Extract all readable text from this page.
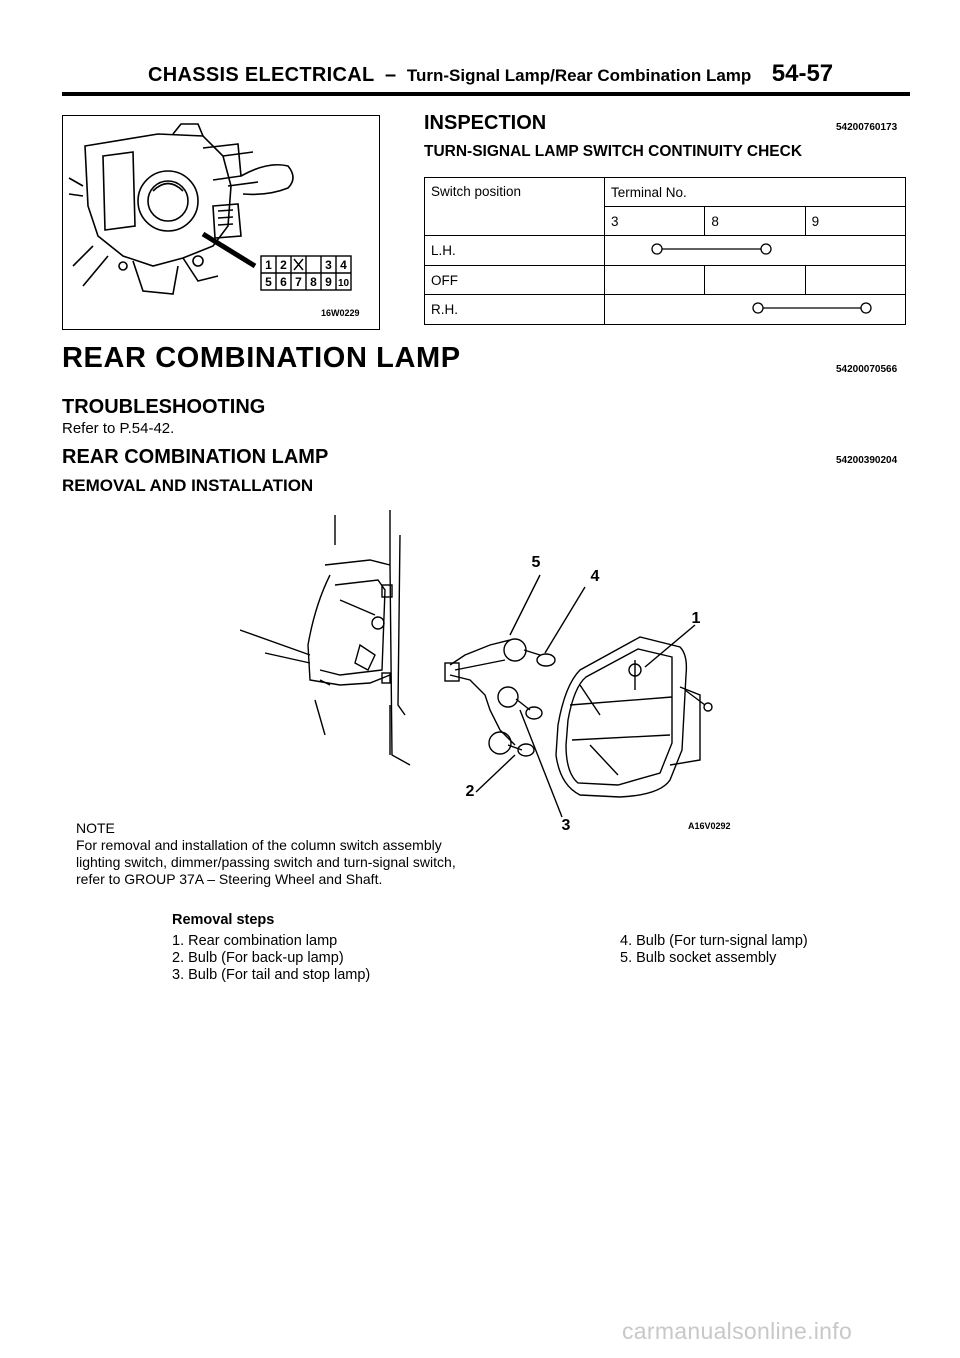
CHASSIS ELECTRICAL – Turn-Signal Lamp/Rear Combination Lamp 54-57
1 2	3 4
5 6 7 8 9 10
16W0229
INSPECTION	54200760173
TURN-SIGNAL LAMP SWITCH CONTINUITY CHECK
Switch position	Terminal No.		
	3	8	9
L.H.	
OFF			
R.H.	
REAR COMBINATION LAMP	54200070566
TROUBLESHOOTING
Refer to P.54-42.
REAR COMBINATION LAMP	54200390204
REMOVAL AND INSTALLATION
1
2
3
4
5
A16V0292
NOTE
For removal and installation of the column switch assembly
lighting switch, dimmer/passing switch and turn-signal switch,
refer to GROUP 37A – Steering Wheel and Shaft.
Removal steps
1. Rear combination lamp
2. Bulb (For back-up lamp)
3. Bulb (For tail and stop lamp)
4. Bulb (For turn-signal lamp)
5. Bulb socket assembly
carmanualsonline.info
